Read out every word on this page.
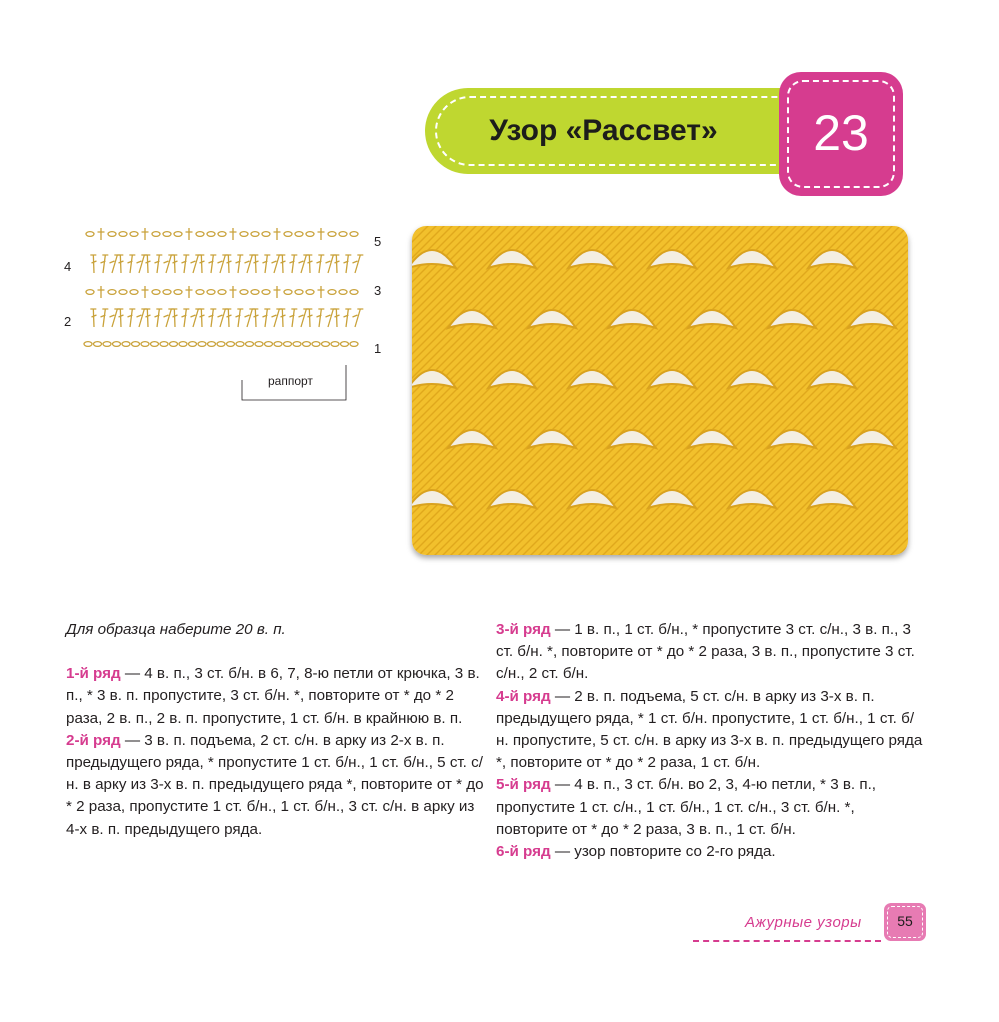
Узор «Рассвет»	23
4
2
5
3
1
раппорт

Для образца наберите 20 в. п.

1-й ряд — 4 в. п., 3 ст. б/н. в 6, 7, 8-ю петли от крючка, 3 в. п., * 3 в. п. пропустите, 3 ст. б/н. *, повторите от * до * 2 раза, 2 в. п., 2 в. п. пропустите, 1 ст. б/н. в крайнюю в. п.

2-й ряд — 3 в. п. подъема, 2 ст. с/н. в арку из 2-х в. п. предыдущего ряда, * пропустите 1 ст. б/н., 1 ст. б/н., 5 ст. с/н. в арку из 3-х в. п. предыдущего ряда *, повторите от * до * 2 раза, пропустите 1 ст. б/н., 1 ст. б/н., 3 ст. с/н. в арку из 4-х в. п. предыдущего ряда.

3-й ряд — 1 в. п., 1 ст. б/н., * пропустите 3 ст. с/н., 3 в. п., 3 ст. б/н. *, повторите от * до * 2 раза, 3 в. п., пропустите 3 ст. с/н., 2 ст. б/н.

4-й ряд — 2 в. п. подъема, 5 ст. с/н. в арку из 3-х в. п. предыдущего ряда, * 1 ст. б/н. пропустите, 1 ст. б/н., 1 ст. б/н. пропустите, 5 ст. с/н. в арку из 3-х в. п. предыдущего ряда *, повторите от * до * 2 раза, 1 ст. б/н.

5-й ряд — 4 в. п., 3 ст. б/н. во 2, 3, 4-ю петли, * 3 в. п., пропустите 1 ст. с/н., 1 ст. б/н., 1 ст. с/н., 3 ст. б/н. *, повторите от * до * 2 раза, 3 в. п., 1 ст. б/н.

6-й ряд — узор повторите со 2-го ряда.

Ажурные узоры	55
